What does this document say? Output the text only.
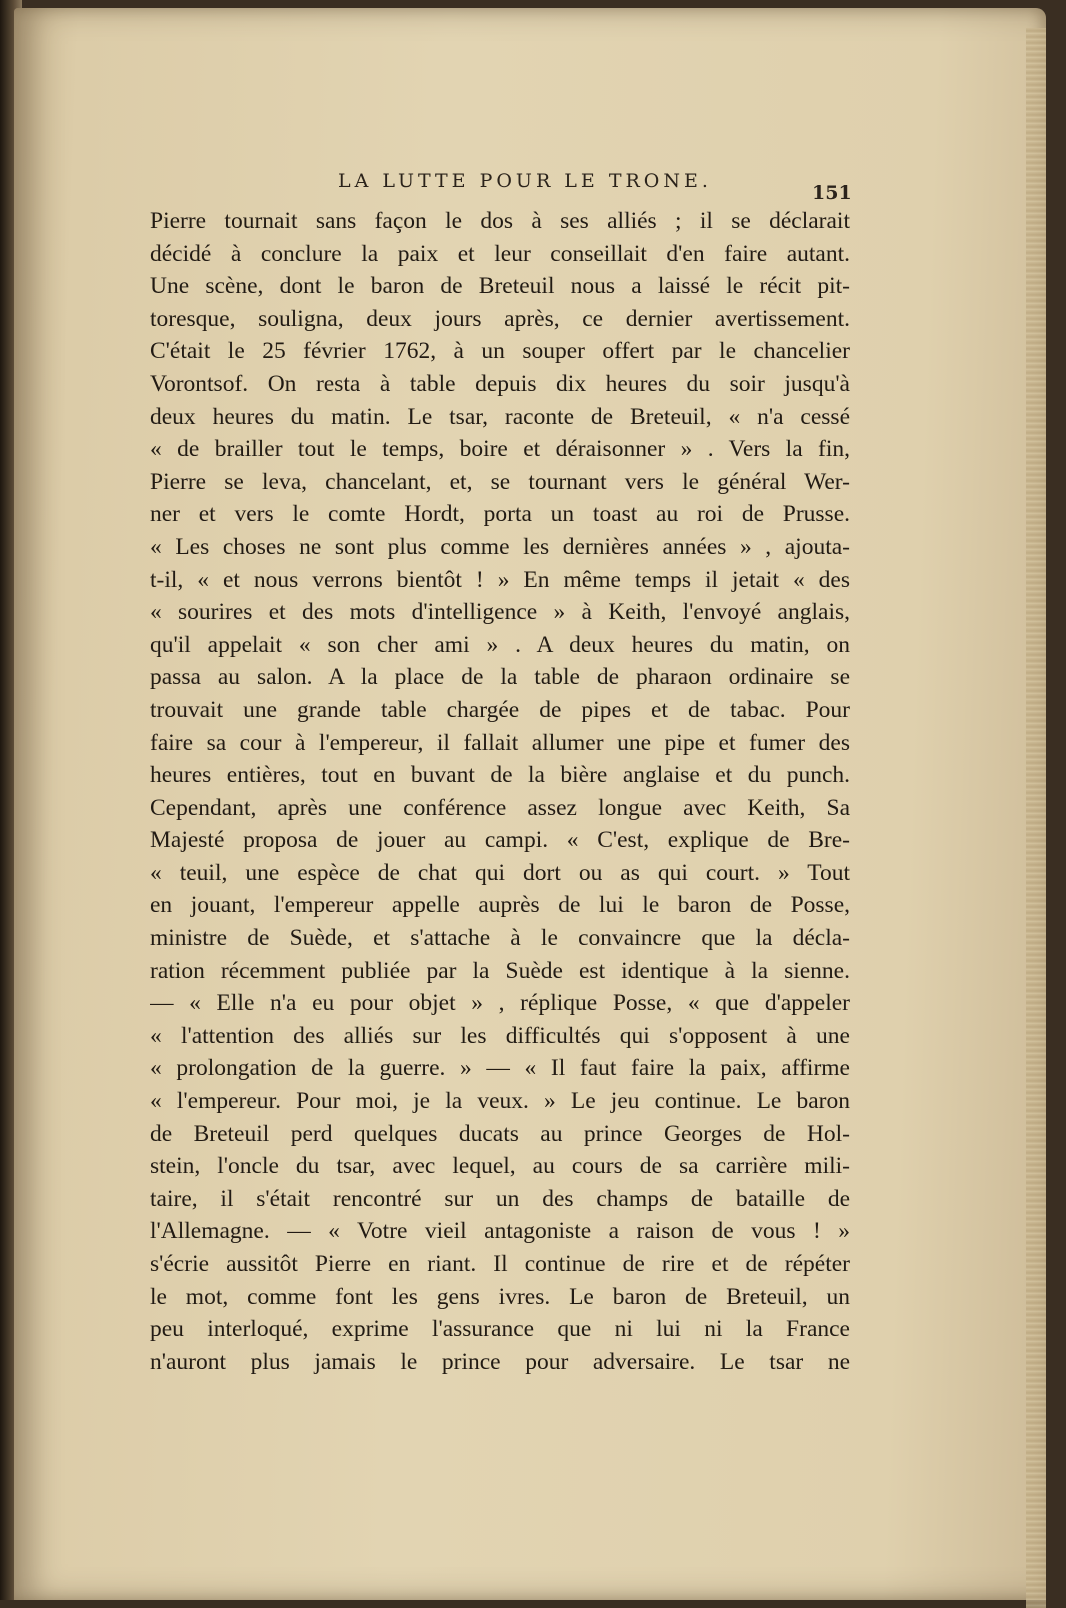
LA LUTTE POUR LE TRONE.
151
Pierre tournait sans façon le dos à ses alliés ; il se déclarait
décidé à conclure la paix et leur conseillait d'en faire autant.
Une scène, dont le baron de Breteuil nous a laissé le récit pit-
toresque, souligna, deux jours après, ce dernier avertissement.
C'était le 25 février 1762, à un souper offert par le chancelier
Vorontsof. On resta à table depuis dix heures du soir jusqu'à
deux heures du matin. Le tsar, raconte de Breteuil, « n'a cessé
« de brailler tout le temps, boire et déraisonner » . Vers la fin,
Pierre se leva, chancelant, et, se tournant vers le général Wer-
ner et vers le comte Hordt, porta un toast au roi de Prusse.
« Les choses ne sont plus comme les dernières années » , ajouta-
t-il, « et nous verrons bientôt ! » En même temps il jetait « des
« sourires et des mots d'intelligence » à Keith, l'envoyé anglais,
qu'il appelait « son cher ami » . A deux heures du matin, on
passa au salon. A la place de la table de pharaon ordinaire se
trouvait une grande table chargée de pipes et de tabac. Pour
faire sa cour à l'empereur, il fallait allumer une pipe et fumer des
heures entières, tout en buvant de la bière anglaise et du punch.
Cependant, après une conférence assez longue avec Keith, Sa
Majesté proposa de jouer au campi. « C'est, explique de Bre-
« teuil, une espèce de chat qui dort ou as qui court. » Tout
en jouant, l'empereur appelle auprès de lui le baron de Posse,
ministre de Suède, et s'attache à le convaincre que la décla-
ration récemment publiée par la Suède est identique à la sienne.
— « Elle n'a eu pour objet » , réplique Posse, « que d'appeler
« l'attention des alliés sur les difficultés qui s'opposent à une
« prolongation de la guerre. » — « Il faut faire la paix, affirme
« l'empereur. Pour moi, je la veux. » Le jeu continue. Le baron
de Breteuil perd quelques ducats au prince Georges de Hol-
stein, l'oncle du tsar, avec lequel, au cours de sa carrière mili-
taire, il s'était rencontré sur un des champs de bataille de
l'Allemagne. — « Votre vieil antagoniste a raison de vous ! »
s'écrie aussitôt Pierre en riant. Il continue de rire et de répéter
le mot, comme font les gens ivres. Le baron de Breteuil, un
peu interloqué, exprime l'assurance que ni lui ni la France
n'auront plus jamais le prince pour adversaire. Le tsar ne
